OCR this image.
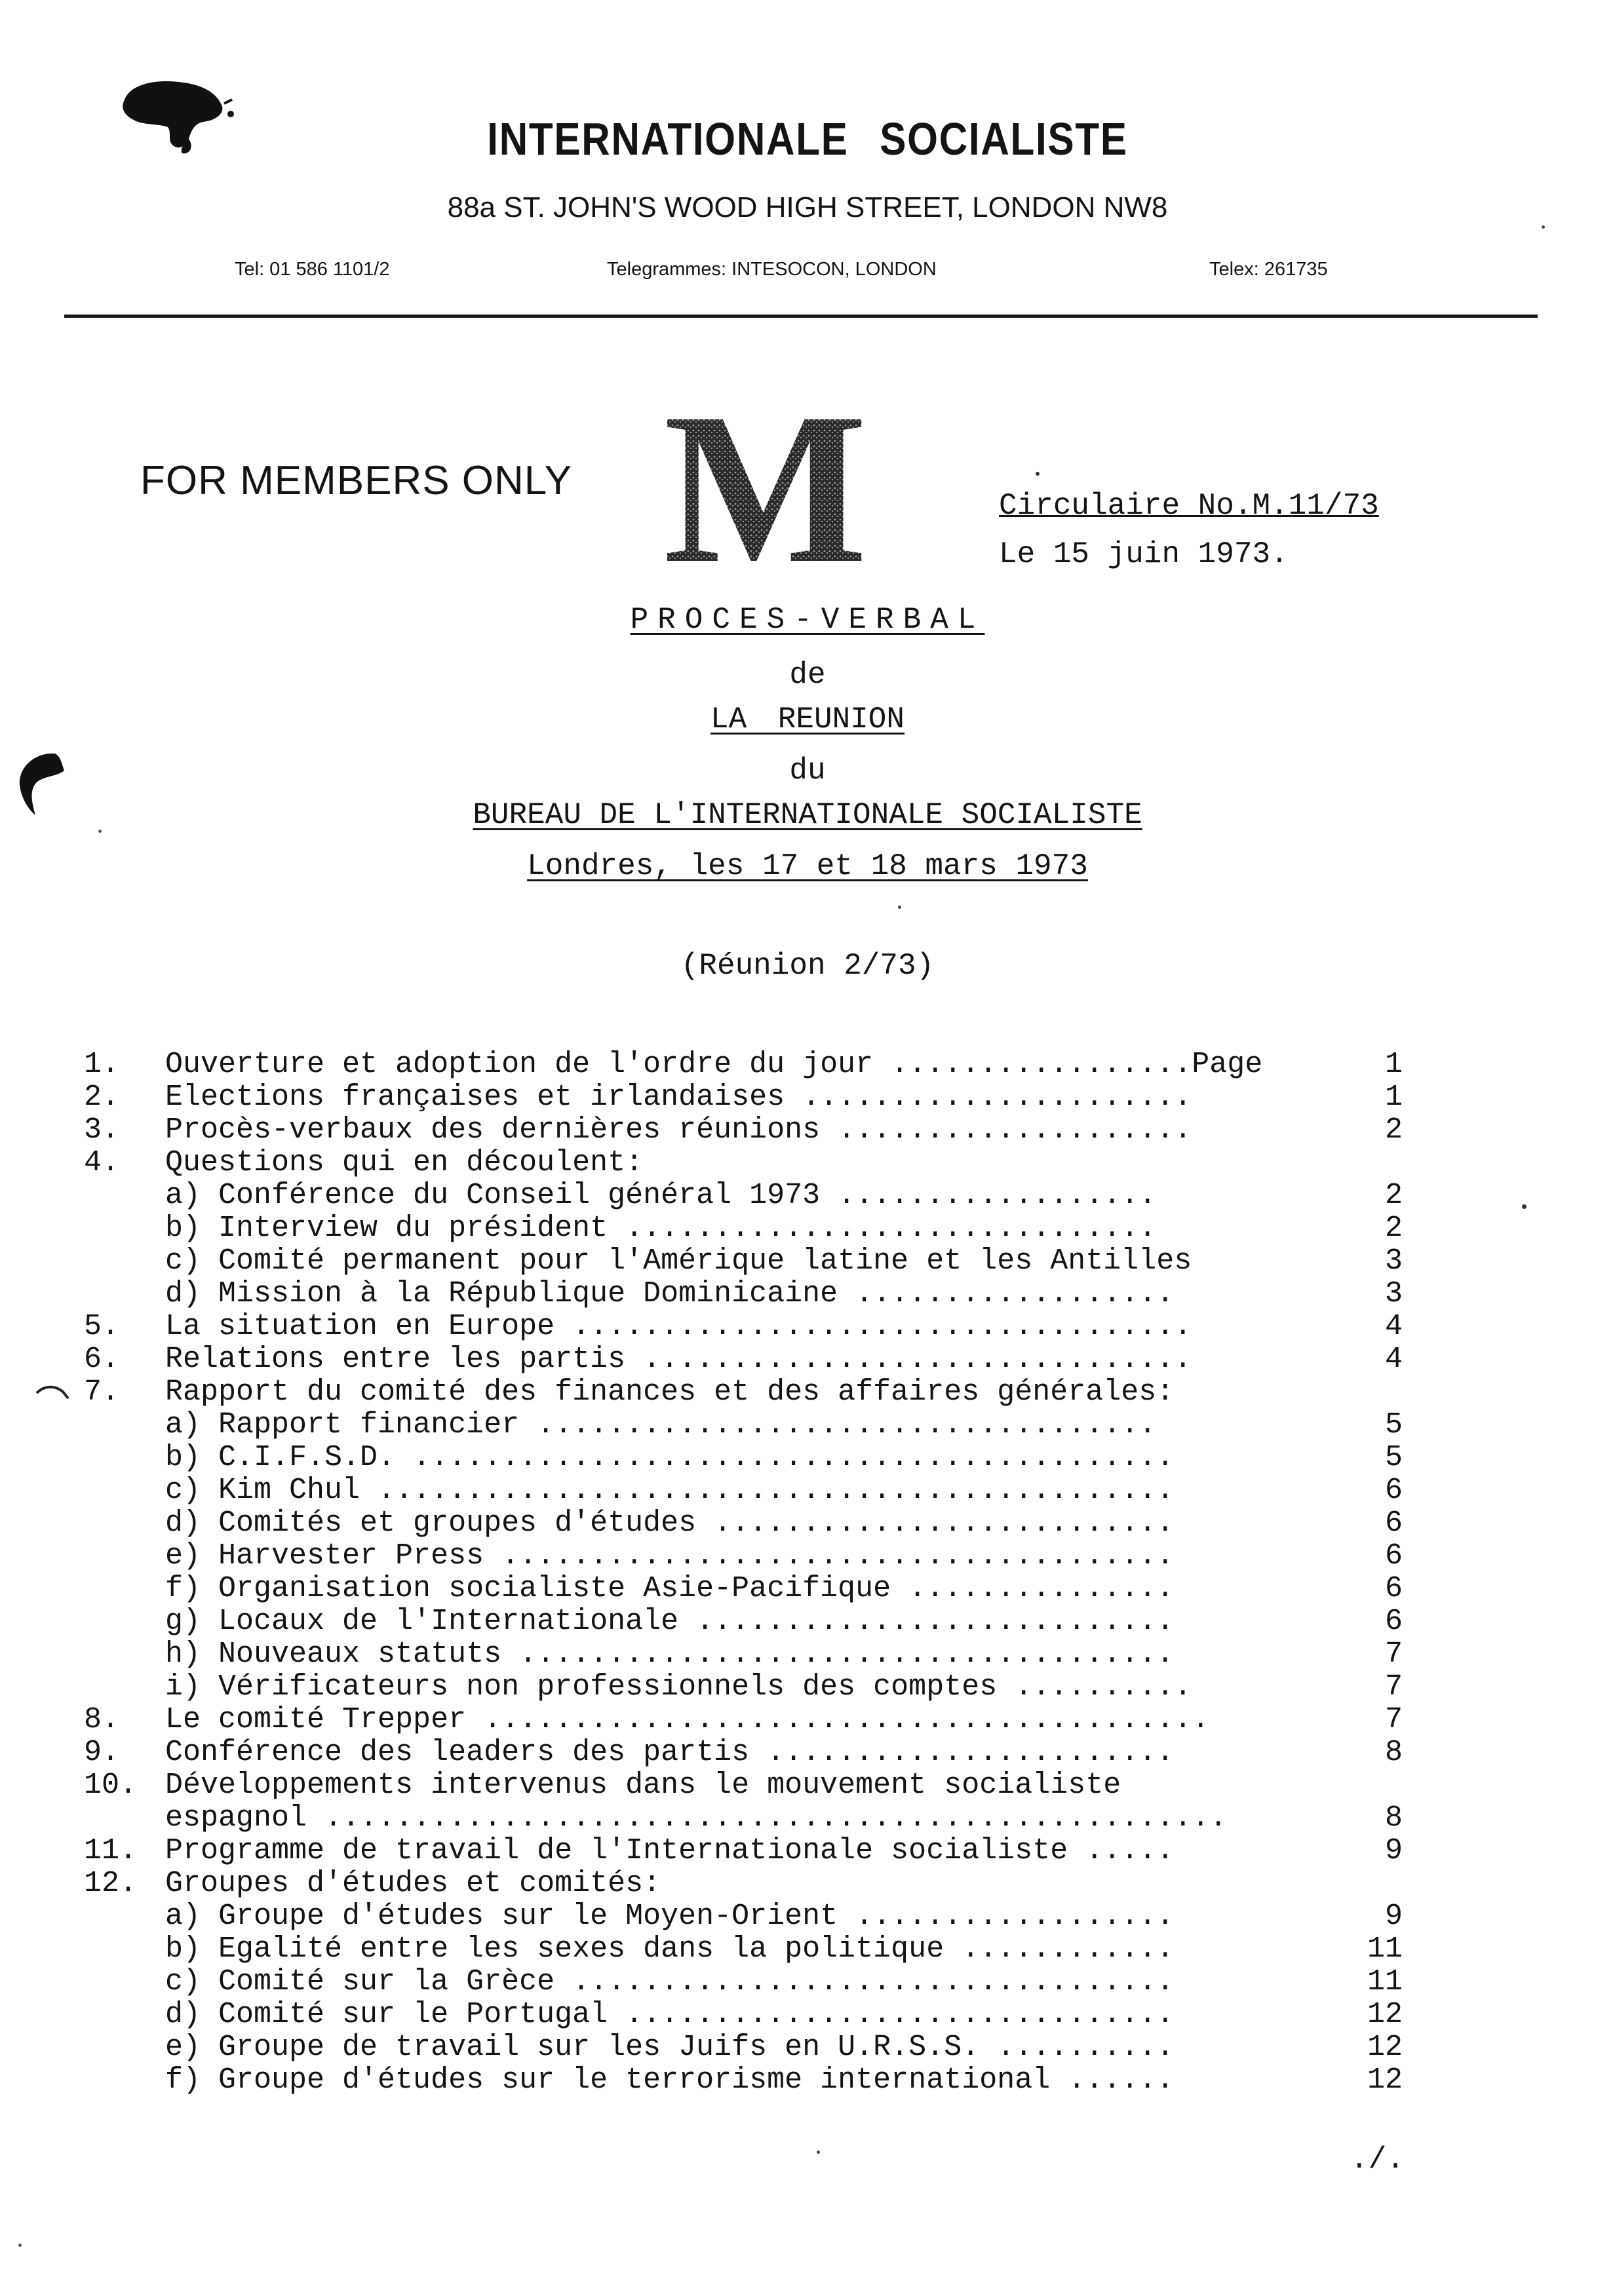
INTERNATIONALE SOCIALISTE
88a ST. JOHN'S WOOD HIGH STREET, LONDON NW8
Tel: 01 586 1101/2	Telegrammes: INTESOCON, LONDON	Telex: 261735
FOR MEMBERS ONLY M	Circulaire No.M.11/73
Le 15 juin 1973.
PROCES-VERBAL
de
LA REUNION
du
BUREAU DE L'INTERNATIONALE SOCIALISTE
Londres, les 17 et 18 mars 1973
(Réunion 2/73)
1. Ouverture et adoption de l'ordre du jour .................Page	1
2. Elections françaises et irlandaises ......................	1
3. Procès-verbaux des dernières réunions ....................	2
4. Questions qui en découlent:
a) Conférence du Conseil général 1973 ..................	2
b) Interview du président ..............................	2
c) Comité permanent pour l'Amérique latine et les Antilles	3
d) Mission à la République Dominicaine ..................	3
5. La situation en Europe ...................................	4
6. Relations entre les partis ...............................	4
7. Rapport du comité des finances et des affaires générales:
a) Rapport financier ...................................	5
b) C.I.F.S.D. ...........................................	5
c) Kim Chul .............................................	6
d) Comités et groupes d'études ..........................	6
e) Harvester Press ......................................	6
f) Organisation socialiste Asie-Pacifique ...............	6
g) Locaux de l'Internationale ...........................	6
h) Nouveaux statuts .....................................	7
i) Vérificateurs non professionnels des comptes ..........	7
8. Le comité Trepper .........................................	7
9. Conférence des leaders des partis .......................	8
10. Développements intervenus dans le mouvement socialiste
espagnol ...................................................	8
11. Programme de travail de l'Internationale socialiste .....	9
12. Groupes d'études et comités:
a) Groupe d'études sur le Moyen-Orient ..................	9
b) Egalité entre les sexes dans la politique ............	11
c) Comité sur la Grèce ..................................	11
d) Comité sur le Portugal ...............................	12
e) Groupe de travail sur les Juifs en U.R.S.S. ..........	12
f) Groupe d'études sur le terrorisme international ......	12
./.
